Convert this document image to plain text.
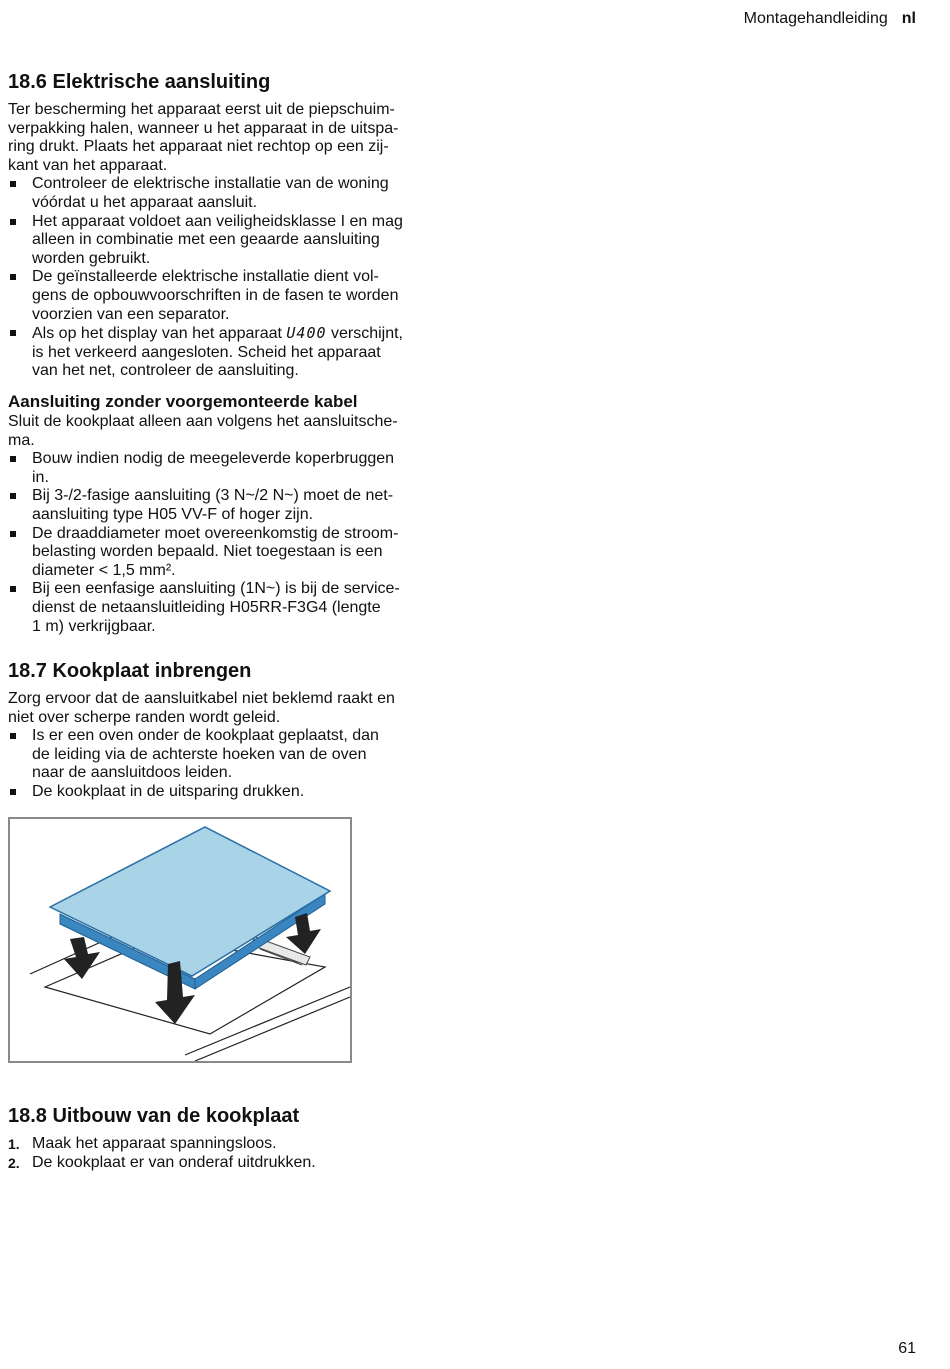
Montagehandleiding nl
18.6 Elektrische aansluiting

Ter bescherming het apparaat eerst uit de piepschuim-
verpakking halen, wanneer u het apparaat in de uitspa-
ring drukt. Plaats het apparaat niet rechtop op een zij-
kant van het apparaat.

Controleer de elektrische installatie van de woning
vóórdat u het apparaat aansluit.
Het apparaat voldoet aan veiligheidsklasse I en mag
alleen in combinatie met een geaarde aansluiting
worden gebruikt.
De geïnstalleerde elektrische installatie dient vol-
gens de opbouwvoorschriften in de fasen te worden
voorzien van een separator.
Als op het display van het apparaat U400 verschijnt,
is het verkeerd aangesloten. Scheid het apparaat
van het net, controleer de aansluiting.
Aansluiting zonder voorgemonteerde kabel

Sluit de kookplaat alleen aan volgens het aansluitsche-
ma.

Bouw indien nodig de meegeleverde koperbruggen
in.
Bij 3-/2-fasige aansluiting (3 N~/2 N~) moet de net-
aansluiting type H05 VV-F of hoger zijn.
De draaddiameter moet overeenkomstig de stroom-
belasting worden bepaald. Niet toegestaan is een
diameter < 1,5 mm².
Bij een eenfasige aansluiting (1N~) is bij de service-
dienst de netaansluitleiding H05RR-F3G4 (lengte
1 m) verkrijgbaar.
18.7 Kookplaat inbrengen

Zorg ervoor dat de aansluitkabel niet beklemd raakt en
niet over scherpe randen wordt geleid.

Is er een oven onder de kookplaat geplaatst, dan
de leiding via de achterste hoeken van de oven
naar de aansluitdoos leiden.
De kookplaat in de uitsparing drukken.
18.8 Uitbouw van de kookplaat
1. Maak het apparaat spanningsloos.
2. De kookplaat er van onderaf uitdrukken.
61
